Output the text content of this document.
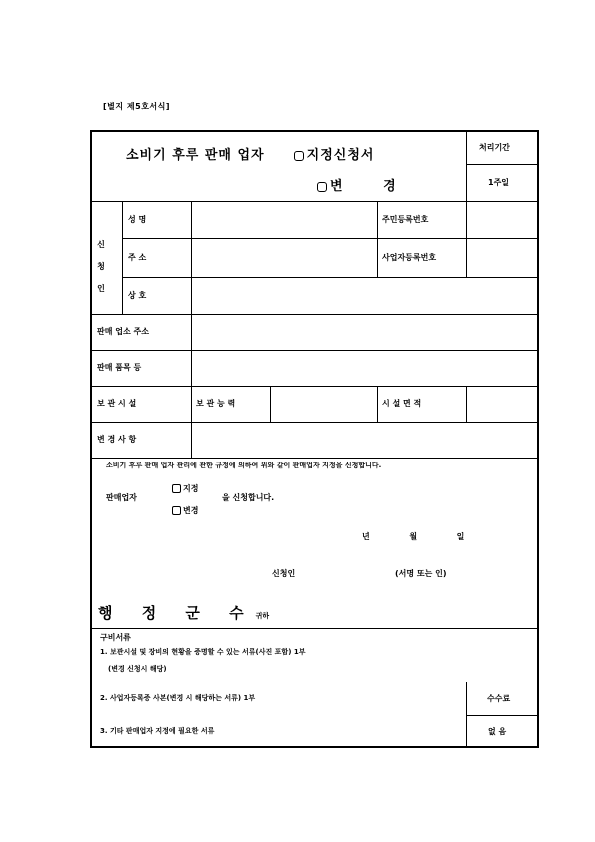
[별지 제5호서식]
소비기 후루 판매 업자	지정신청서
변 경
처리기간
1주일
신 청 인
성 명	주민등록번호
주 소	사업자등록번호
상 호
판매 업소 주소
판매 품목 등
보 관 시 설	보 관 능 력	시 설 면 적
변 경 사 항
소비기 후루 판매 업자 관리에 관한 규정에 의하여 위와 같이 판매업자 지정을 신청합니다.
판매업자
지정
변경
을 신청합니다.
년	월	일
신청인	(서명 또는 인)
행 정 군 수귀하
구비서류
1. 보관시설 및 장비의 현황을 증명할 수 있는 서류(사진 포함) 1부
(변경 신청시 해당)
2. 사업자등록증 사본(변경 시 해당하는 서류) 1부
3. 기타 판매업자 지정에 필요한 서류
수수료
없 음
